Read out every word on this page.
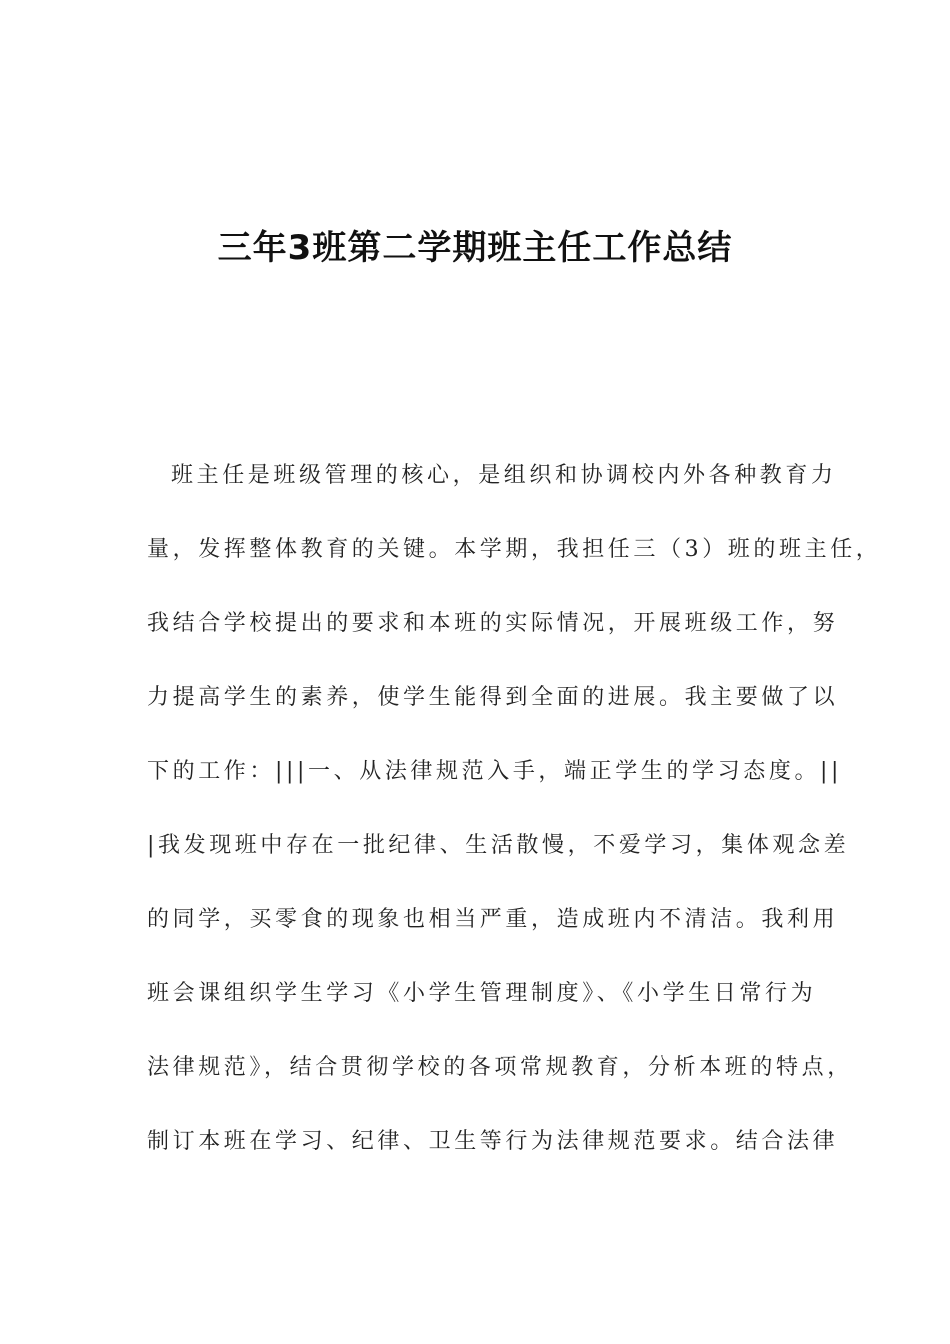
三年3班第二学期班主任工作总结
班主任是班级管理的核心，是组织和协调校内外各种教育力
量，发挥整体教育的关键。本学期，我担任三（3）班的班主任，
我结合学校提出的要求和本班的实际情况，开展班级工作，努
力提高学生的素养，使学生能得到全面的进展。我主要做了以
下的工作：|||一、从法律规范入手，端正学生的学习态度。||
|我发现班中存在一批纪律、生活散慢，不爱学习，集体观念差
的同学，买零食的现象也相当严重，造成班内不清洁。我利用
班会课组织学生学习《小学生管理制度》、《小学生日常行为
法律规范》，结合贯彻学校的各项常规教育，分析本班的特点，
制订本班在学习、纪律、卫生等行为法律规范要求。结合法律
